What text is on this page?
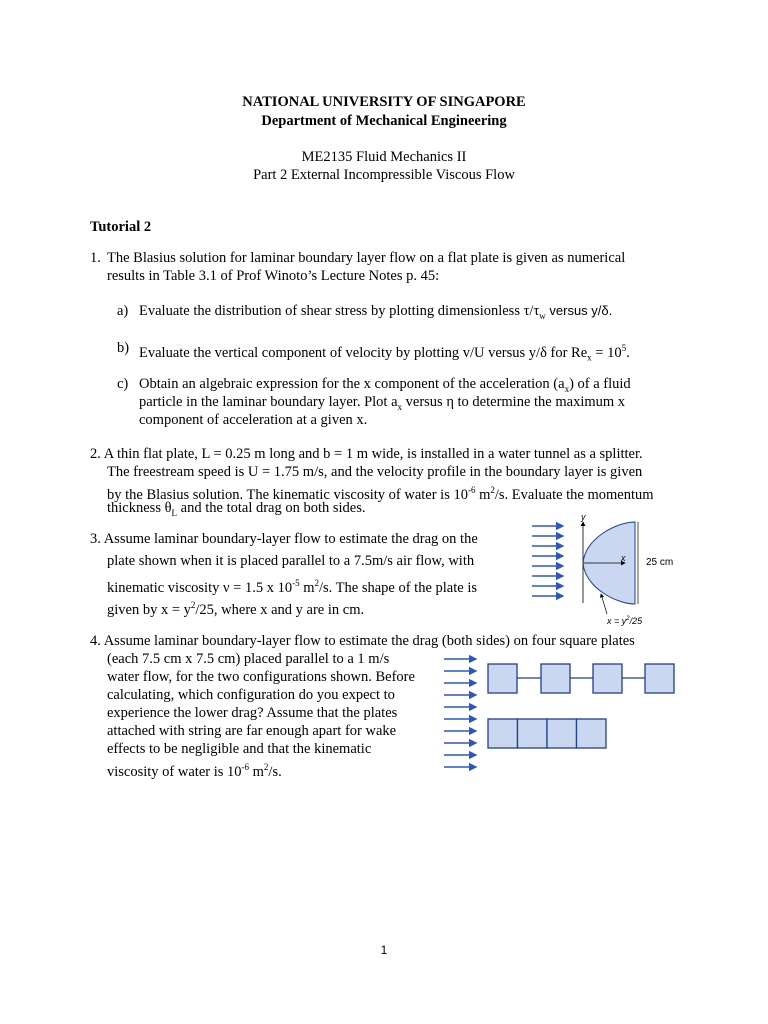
NATIONAL UNIVERSITY OF SINGAPORE
Department of Mechanical Engineering
ME2135 Fluid Mechanics II
Part 2 External Incompressible Viscous Flow
Tutorial 2
1. The Blasius solution for laminar boundary layer flow on a flat plate is given as numerical
results in Table 3.1 of Prof Winoto’s Lecture Notes p. 45:
a) Evaluate the distribution of shear stress by plotting dimensionless $\tau/\tau_w$ versus y/δ.
b) Evaluate the vertical component of velocity by plotting v/U versus y/δ for $Re_x = 10^5$.
c) Obtain an algebraic expression for the x component of the acceleration $(a_x)$ of a fluid
particle in the laminar boundary layer. Plot $a_x$ versus η to determine the maximum x
component of acceleration at a given x.
2. A thin flat plate, L = 0.25 m long and b = 1 m wide, is installed in a water tunnel as a splitter.
The freestream speed is U = 1.75 m/s, and the velocity profile in the boundary layer is given
by the Blasius solution. The kinematic viscosity of water is $10^{-6}$ $m^2/s$. Evaluate the momentum
thickness $\theta_L$ and the total drag on both sides.
3. Assume laminar boundary-layer flow to estimate the drag on the
plate shown when it is placed parallel to a 7.5m/s air flow, with
kinematic viscosity ν = 1.5 x $10^{-5}$ $m^2/s$. The shape of the plate is
given by $x = y^2/25$, where x and y are in cm.
y
x 25 cm
$x = y^2/25$
4. Assume laminar boundary-layer flow to estimate the drag (both sides) on four square plates
(each 7.5 cm x 7.5 cm) placed parallel to a 1 m/s
water flow, for the two configurations shown. Before
calculating, which configuration do you expect to
experience the lower drag? Assume that the plates
attached with string are far enough apart for wake
effects to be negligible and that the kinematic
viscosity of water is $10^{-6}$ $m^2/s$.
1
